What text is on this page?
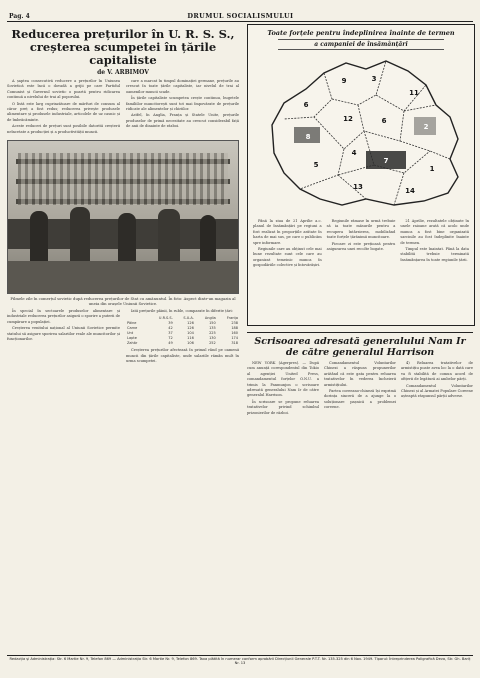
Pag. 4	DRUMUL SOCIALISMULUI
Reducerea prețurilor în U. R. S. S.,
creșterea scumpetei în țările capitaliste
de V. ARBIMOV

A șaptea consecutivă reducere a prețurilor în Uniunea Sovietică este încă o dovadă a grijii pe care Partidul Comunist și Guvernul sovietic o poartă pentru ridicarea continuă a nivelului de trai al poporului.

O listă este larg cuprinzătoare de mărfuri de consum al căror preț a fost redus; reducerea privește produsele alimentare și produsele industriale, articolele de uz casnic și de îmbrăcăminte.

Aceste reduceri de prețuri sunt posibile datorită creșterii neîncetate a producției și a productivității muncii.

care a marcat în timpul dominației germane, prețurile au crescut în toate țările capitaliste, iar nivelul de trai al oamenilor muncii scade.

În țările capitaliste scumpetea crește continuu, bugetele familiilor muncitorești sunt tot mai împovărate de prețurile ridicate ale alimentelor și chiriilor.

Astfel, în Anglia, Franța și Statele Unite, prețurile produselor de primă necesitate au crescut considerabil față de anii de dinainte de război.

Pilmele zile în comerțul sovietic după reducerea prețurilor de Stat cu amănuntul. În foto: Aspect dintr-un magazin al uneia din orașele Uniunii Sovietice.

În special în sectoarele produselor alimentare și industriale reducerea prețurilor asigură o sporire a puterii de cumpărare a populației.

Creșterea venitului național al Uniunii Sovietice permite statului să asigure sporirea salariilor reale ale muncitorilor și funcționarilor.

Iată prețurile pâinii, în ruble, comparate în diferite țări:

	U.R.S.S.	S.U.A.	Anglia	Franța
Pâine	39	126	150	238
Carne	42	126	135	188
Unt	37	104	225	160
Lapte	72	116	130	174
Zahăr	49	106	252	318

Creșterea prețurilor afectează în primul rând pe oamenii muncii din țările capitaliste, unde salariile rămân mult în urma scumpetei.

Toate forțele pentru îndeplinirea înainte de termen
a campaniei de însămânțări
9
6
3
11
8
12	6
2
5
4
7
1
13	14

Până la ziua de 21 Aprilie a.c. planul de însămânțări pe regiuni a fost realizat în proporțiile arătate în harta de mai sus, pe care o publicăm spre informare.

Regiunile care au obținut cele mai bune rezultate sunt cele care au organizat temeinic munca în gospodăriile colective și întovărășiri.

Regiunile rămase în urmă trebuie să ia toate măsurile pentru a recupera întârzierea, mobilizând toate forțele țărănimii muncitoare.

Fiecare zi este prețioasă pentru asigurarea unei recolte bogate.

21 Aprilie, rezultatele obținute în unele raioane arată că acolo unde munca a fost bine organizată sarcinile au fost îndeplinite înainte de termen.

Timpul este înaintat. Până la data stabilită trebuie terminată însămânțarea în toate regiunile țării.

Scrisoarea adresată generalului Nam Ir
de către generalul Harrison

NEW YORK (Agerpres). — După cum anunță corespondentul din Tokio al agenției United Press, comandamentul forțelor O.N.U. a trimis la Panmunjon o scrisoare adresată generalului Nam Ir de către generalul Harrison.

În scrisoare se propune reluarea tratativelor privind schimbul prizonierilor de război.

Comandamentul Voluntarilor Chinezi a răspuns propunerilor arătând că este gata pentru reluarea tratativelor în vederea încheierii armistițiului.

Partea coreeano-chineză își exprimă dorința sinceră de a ajunge la o soluționare pașnică a problemei coreene.

4) Reluarea tratativelor de armistițiu poate avea loc la o dată care va fi stabilită de comun acord de ofițerii de legătură ai ambelor părți.

Comandamentul Voluntarilor Chinezi și al Armatei Populare Coreene așteaptă răspunsul părții adverse.

Redacția și Administrația: Str. 6 Martie Nr. 9, Telefon 869 — Administrația Str. 6 Martie Nr. 9, Telefon 869. Taxa plătită în numerar conform aprobării Direcțiunii Generale P.T.T. Nr. 135.325 din 6 Nov. 1949. Tiparul: Întreprinderea Poligrafică Deva, Str. Gh. Bariț Nr. 13
